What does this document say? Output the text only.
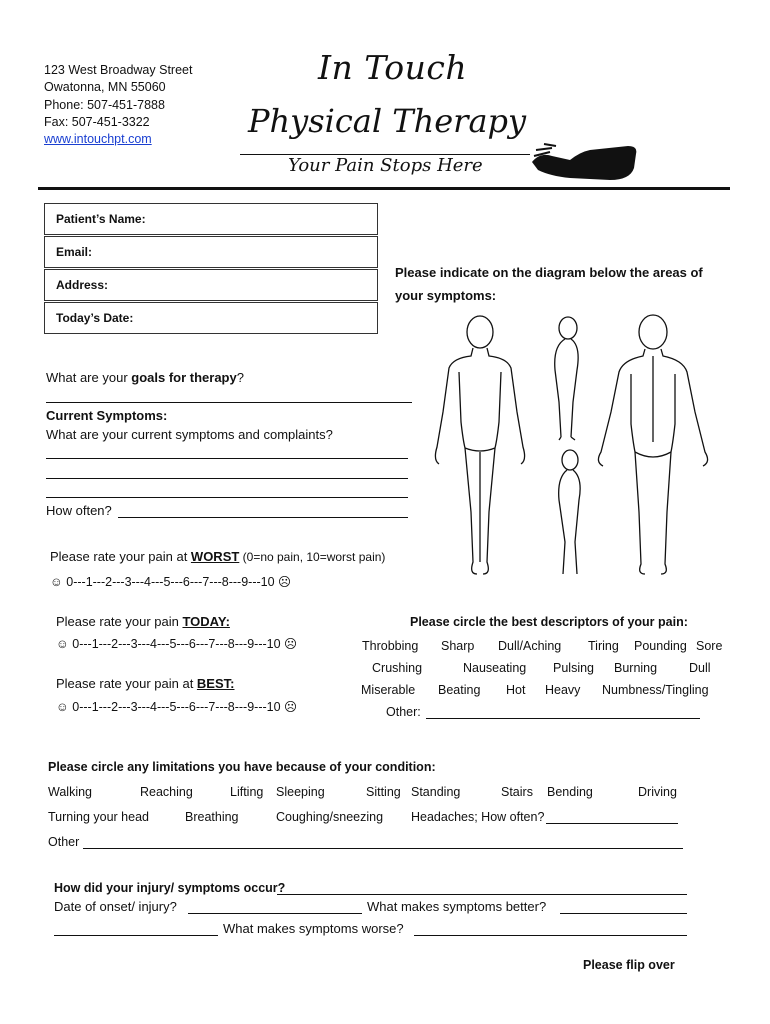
123 West Broadway Street
Owatonna, MN 55060
Phone: 507-451-7888
Fax: 507-451-3322
www.intouchpt.com
In Touch
Physical Therapy
Your Pain Stops Here
Patient’s Name:
Email:
Address:
Today’s Date:
Please indicate on the diagram below the areas of your symptoms:
What are your goals for therapy?
Current Symptoms:
What are your current symptoms and complaints?
How often?
Please rate your pain at WORST (0=no pain, 10=worst pain)
☺ 0---1---2---3---4---5---6---7---8---9---10 ☹
Please rate your pain TODAY:
☺ 0---1---2---3---4---5---6---7---8---9---10 ☹
Please rate your pain at BEST:
☺ 0---1---2---3---4---5---6---7---8---9---10 ☹
Please circle the best descriptors of your pain:
Throbbing Sharp Dull/Aching Tiring Pounding Sore
Crushing	Nauseating Pulsing Burning	Dull
Miserable Beating Hot Heavy Numbness/Tingling
Other:
Please circle any limitations you have because of your condition:
Walking	Reaching	Lifting Sleeping	Sitting Standing	Stairs Bending	Driving
Turning your head	Breathing	Coughing/sneezing Headaches; How often?
Other
How did your injury/ symptoms occur?
Date of onset/ injury?	What makes symptoms better?
What makes symptoms worse?
Please flip over
